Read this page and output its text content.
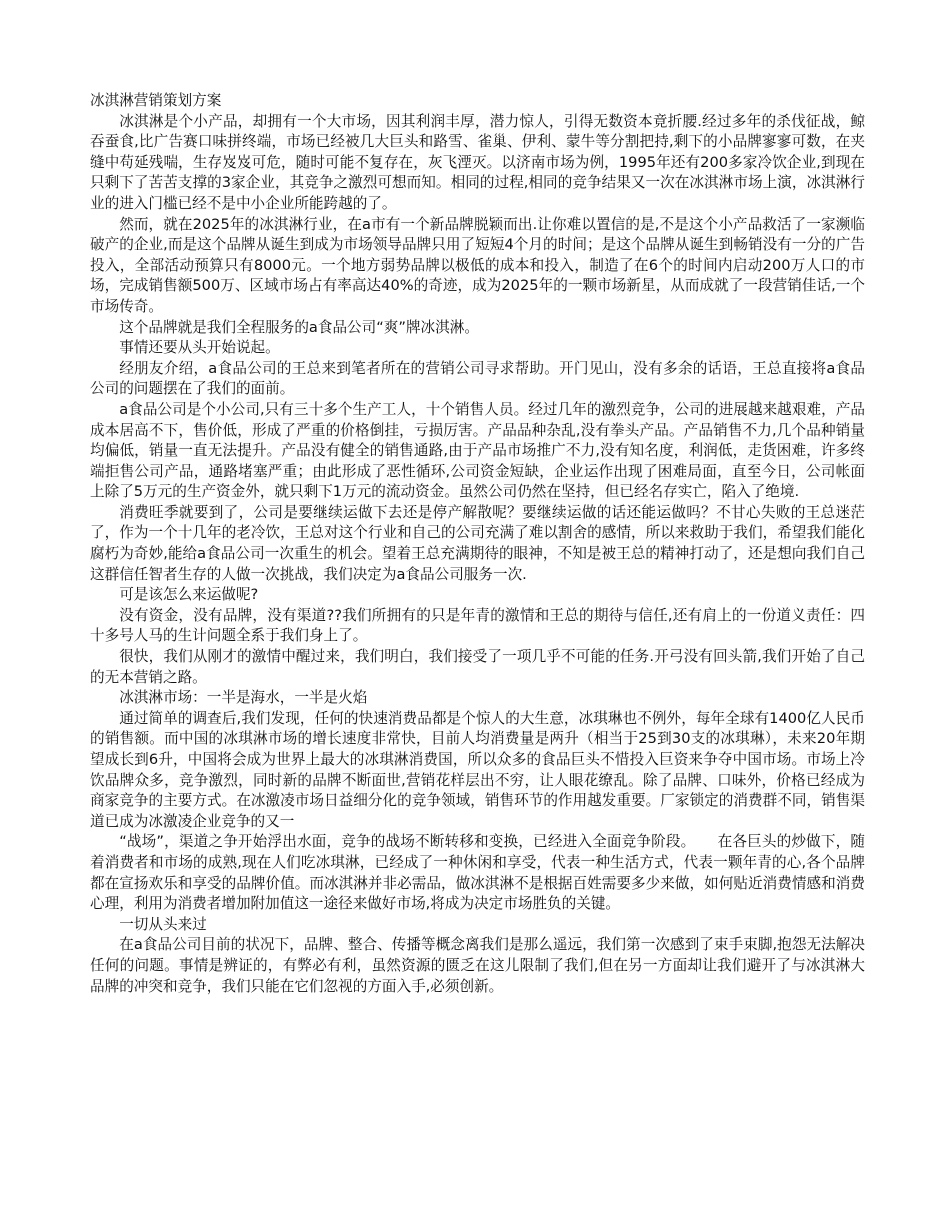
冰淇淋营销策划方案

冰淇淋是个小产品，却拥有一个大市场，因其利润丰厚，潜力惊人，引得无数资本竟折腰.经过多年的杀伐征战，鲸吞蚕食,比广告赛口味拼终端，市场已经被几大巨头和路雪、雀巢、伊利、蒙牛等分割把持,剩下的小品牌寥寥可数，在夹缝中苟延残喘，生存岌岌可危，随时可能不复存在，灰飞湮灭。以济南市场为例，1995年还有200多家冷饮企业,到现在只剩下了苦苦支撑的3家企业，其竞争之激烈可想而知。相同的过程,相同的竞争结果又一次在冰淇淋市场上演，冰淇淋行业的进入门槛已经不是中小企业所能跨越的了。

然而，就在2025年的冰淇淋行业，在a市有一个新品牌脱颖而出.让你难以置信的是,不是这个小产品救活了一家濒临破产的企业,而是这个品牌从诞生到成为市场领导品牌只用了短短4个月的时间；是这个品牌从诞生到畅销没有一分的广告投入，全部活动预算只有8000元。一个地方弱势品牌以极低的成本和投入，制造了在6个的时间内启动200万人口的市场，完成销售额500万、区域市场占有率高达40%的奇迹，成为2025年的一颗市场新星，从而成就了一段营销佳话,一个市场传奇。

这个品牌就是我们全程服务的a食品公司“爽”牌冰淇淋。

事情还要从头开始说起。

经朋友介绍，a食品公司的王总来到笔者所在的营销公司寻求帮助。开门见山，没有多余的话语，王总直接将a食品公司的问题摆在了我们的面前。

a食品公司是个小公司,只有三十多个生产工人，十个销售人员。经过几年的激烈竞争，公司的进展越来越艰难，产品成本居高不下，售价低，形成了严重的价格倒挂，亏损厉害。产品品种杂乱,没有拳头产品。产品销售不力,几个品种销量均偏低，销量一直无法提升。产品没有健全的销售通路,由于产品市场推广不力,没有知名度，利润低，走货困难，许多终端拒售公司产品，通路堵塞严重；由此形成了恶性循环,公司资金短缺，企业运作出现了困难局面，直至今日，公司帐面上除了5万元的生产资金外，就只剩下1万元的流动资金。虽然公司仍然在坚持，但已经名存实亡，陷入了绝境.

消费旺季就要到了，公司是要继续运做下去还是停产解散呢？要继续运做的话还能运做吗？不甘心失败的王总迷茫了，作为一个十几年的老冷饮，王总对这个行业和自己的公司充满了难以割舍的感情，所以来救助于我们，希望我们能化腐朽为奇妙,能给a食品公司一次重生的机会。望着王总充满期待的眼神，不知是被王总的精神打动了，还是想向我们自己这群信任智者生存的人做一次挑战，我们决定为a食品公司服务一次.

可是该怎么来运做呢?

没有资金，没有品牌，没有渠道??我们所拥有的只是年青的激情和王总的期待与信任,还有肩上的一份道义责任：四十多号人马的生计问题全系于我们身上了。

很快，我们从刚才的激情中醒过来，我们明白，我们接受了一项几乎不可能的任务.开弓没有回头箭,我们开始了自己的无本营销之路。

冰淇淋市场：一半是海水，一半是火焰

通过简单的调查后,我们发现，任何的快速消费品都是个惊人的大生意，冰琪琳也不例外，每年全球有1400亿人民币的销售额。而中国的冰琪淋市场的增长速度非常快，目前人均消费量是两升（相当于25到30支的冰琪琳），未来20年期望成长到6升，中国将会成为世界上最大的冰琪淋消费国，所以众多的食品巨头不惜投入巨资来争夺中国市场。市场上冷饮品牌众多，竞争激烈，同时新的品牌不断面世,营销花样层出不穷，让人眼花缭乱。除了品牌、口味外，价格已经成为商家竞争的主要方式。在冰激凌市场日益细分化的竞争领域，销售环节的作用越发重要。厂家锁定的消费群不同，销售渠道已成为冰激凌企业竞争的又一

“战场”，渠道之争开始浮出水面，竞争的战场不断转移和变换，已经进入全面竞争阶段。　　在各巨头的炒做下，随着消费者和市场的成熟,现在人们吃冰琪淋，已经成了一种休闲和享受，代表一种生活方式，代表一颗年青的心,各个品牌都在宣扬欢乐和享受的品牌价值。而冰淇淋并非必需品，做冰淇淋不是根据百姓需要多少来做，如何贴近消费情感和消费心理，利用为消费者增加附加值这一途径来做好市场,将成为决定市场胜负的关键。

一切从头来过

在a食品公司目前的状况下，品牌、整合、传播等概念离我们是那么遥远，我们第一次感到了束手束脚,抱怨无法解决任何的问题。事情是辨证的，有弊必有利，虽然资源的匮乏在这儿限制了我们,但在另一方面却让我们避开了与冰淇淋大品牌的冲突和竞争，我们只能在它们忽视的方面入手,必须创新。
